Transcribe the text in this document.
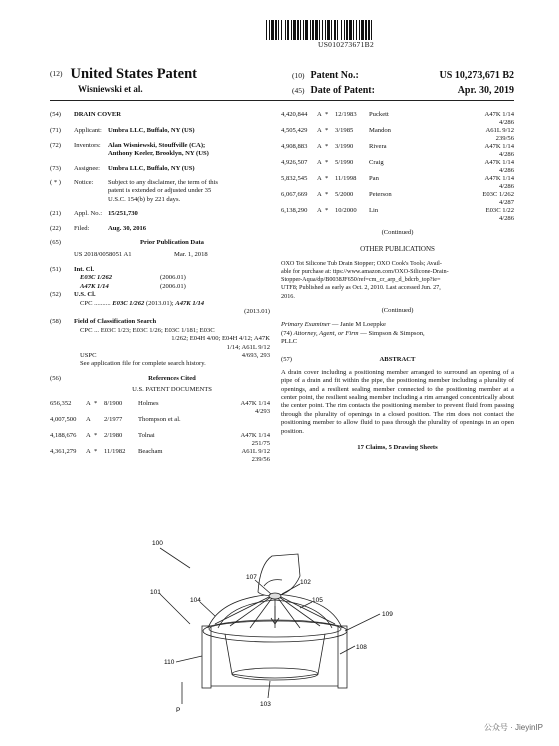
US010273671B2
(12) United States Patent
Wisniewski et al.
(10) Patent No.:	US 10,273,671 B2
(45) Date of Patent:	Apr. 30, 2019
(54) DRAIN COVER
(71) Applicant: Umbra LLC, Buffalo, NY (US)
(72) Inventors: Alan Wisniewski, Stouffville (CA);
Anthony Keeler, Brooklyn, NY (US)
(73) Assignee: Umbra LLC, Buffalo, NY (US)
( * ) Notice: Subject to any disclaimer, the term of this
patent is extended or adjusted under 35
U.S.C. 154(b) by 221 days.
(21) Appl. No.: 15/251,730
(22) Filed:	Aug. 30, 2016
(65)	Prior Publication Data
US 2018/0058051 A1	Mar. 1, 2018
(51) Int. Cl.
E03C 1/262	(2006.01)
A47K 1/14	(2006.01)
(52) U.S. Cl.
CPC .......... E03C 1/262 (2013.01); A47K 1/14
(2013.01)
(58) Field of Classification Search
CPC ... E03C 1/23; E03C 1/26; E03C 1/181; E03C
1/262; E04H 4/00; E04H 4/12; A47K
1/14; A61L 9/12
USPC	4/693, 293
See application file for complete search history.
(56)	References Cited
U.S. PATENT DOCUMENTS
656,352 A * 8/1900 Holmes	A47K 1/14
4/293
4,007,500 A 2/1977 Thompson et al.
4,188,676 A * 2/1980 Tolnai	A47K 1/14
251/75
4,361,279 A * 11/1982 Beacham	A61L 9/12
239/56
4,420,844 A * 12/1983 Puckett	A47K 1/14
4/286
4,505,429 A * 3/1985 Mandon	A61L 9/12
239/56
4,908,883 A * 3/1990 Rivera	A47K 1/14
4/286
4,926,507 A * 5/1990 Craig	A47K 1/14
4/286
5,832,545 A * 11/1998 Pan	A47K 1/14
4/286
6,067,669 A * 5/2000 Peterson	E03C 1/262
4/287
6,138,290 A * 10/2000 Lin	E03C 1/22
4/286
(Continued)
OTHER PUBLICATIONS
OXO Tot Silicone Tub Drain Stopper; OXO Cook's Tools; Avail-
able for purchase at: ttps://www.amazon.com/OXO-Silicone-Drain-
Stopper-Aqua/dp/B0038JF650/ref=cm_cr_arp_d_bdcrb_top?ie=
UTF8; Published as early as Oct. 2, 2010. Last accessed Jun. 27,
2016.
(Continued)
Primary Examiner — Janie M Loeppke
(74) Attorney, Agent, or Firm — Simpson & Simpson,
PLLC
(57)	ABSTRACT
A drain cover including a positioning member arranged to surround an opening of a pipe of a drain and fit within the pipe, the positioning member including a plurality of openings, and a resilient sealing member connected to the positioning member at a center point, the resilient sealing member including a rim arranged concentrically about the center point. The rim contacts the positioning member to prevent fluid from passing through the plurality of openings in a closed position. The rim does not contact the positioning member to allow fluid to pass through the plurality of openings in an open position.
17 Claims, 5 Drawing Sheets
100
101
104
107
102
105
109
108
110
103
P
公众号 · JieyinIP
